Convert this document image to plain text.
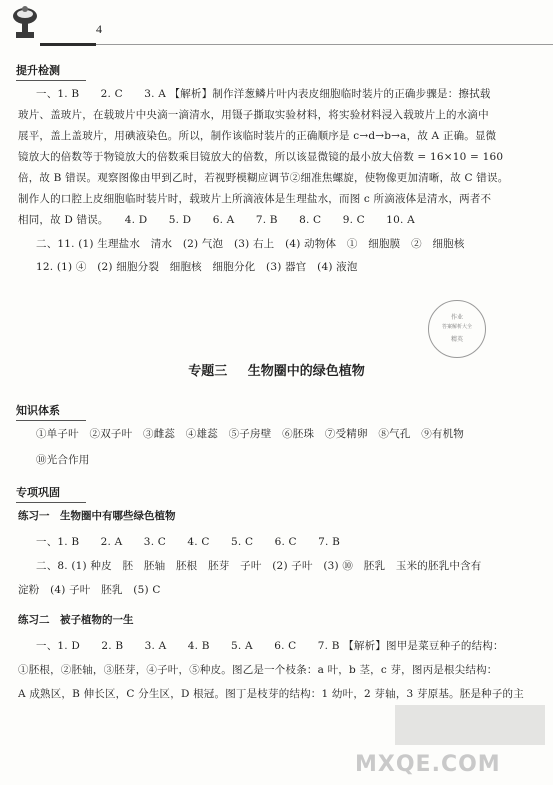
4
提升检测
一、1. B　　2. C　　3. A 【解析】制作洋葱鳞片叶内表皮细胞临时装片的正确步骤是：擦拭载
玻片、盖玻片，在载玻片中央滴一滴清水，用镊子撕取实验材料，将实验材料浸入载玻片上的水滴中
展平，盖上盖玻片，用碘液染色。所以，制作该临时装片的正确顺序是 c→d→b→a，故 A 正确。显微
镜放大的倍数等于物镜放大的倍数乘目镜放大的倍数，所以该显微镜的最小放大倍数 = 16×10 = 160
倍，故 B 错误。观察图像由甲到乙时，若视野模糊应调节②细准焦螺旋，使物像更加清晰，故 C 错误。
制作人的口腔上皮细胞临时装片时，载玻片上所滴液体是生理盐水，而图 c 所滴液体是清水，两者不
相同，故 D 错误。　　4. D　　5. D　　6. A　　7. B　　8. C　　9. C　　10. A
二、11. (1) 生理盐水　清水　(2) 气泡　(3) 右上　(4) 动物体　①　细胞膜　②　细胞核
12. (1) ④　(2) 细胞分裂　细胞核　细胞分化　(3) 器官　(4) 液泡
作业
答案解析大全
精英
专题三 生物圈中的绿色植物
知识体系
①单子叶　②双子叶　③雌蕊　④雄蕊　⑤子房壁　⑥胚珠　⑦受精卵　⑧气孔　⑨有机物
⑩光合作用
专项巩固
练习一　生物圈中有哪些绿色植物
一、1. B　　2. A　　3. C　　4. C　　5. C　　6. C　　7. B
二、8. (1) 种皮　胚　胚轴　胚根　胚芽　子叶　(2) 子叶　(3) ⑩　胚乳　玉米的胚乳中含有
淀粉　(4) 子叶　胚乳　(5) C
练习二　被子植物的一生
一、1. D　　2. B　　3. A　　4. B　　5. A　　6. C　　7. B 【解析】图甲是菜豆种子的结构：
①胚根，②胚轴，③胚芽，④子叶，⑤种皮。图乙是一个枝条：a 叶，b 茎，c 芽，图丙是根尖结构：
A 成熟区，B 伸长区，C 分生区，D 根冠。图丁是枝芽的结构：1 幼叶，2 芽轴，3 芽原基。胚是种子的主
MXQE.COM
